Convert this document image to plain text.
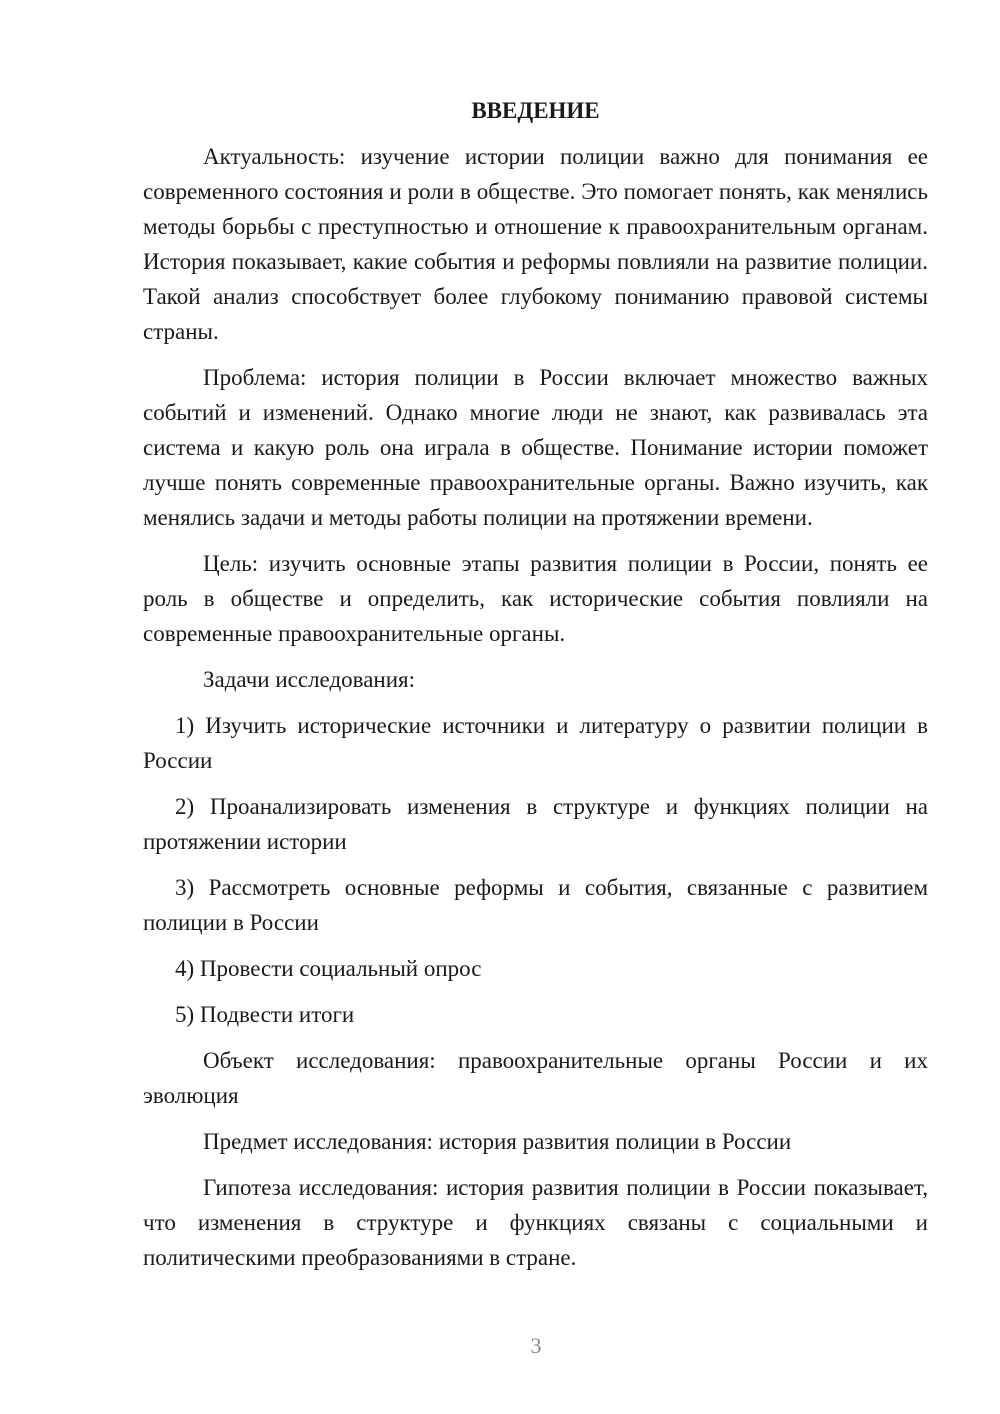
ВВЕДЕНИЕ

Актуальность: изучение истории полиции важно для понимания ее современного состояния и роли в обществе. Это помогает понять, как менялись методы борьбы с преступностью и отношение к правоохранительным органам. История показывает, какие события и реформы повлияли на развитие полиции. Такой анализ способствует более глубокому пониманию правовой системы страны.

Проблема: история полиции в России включает множество важных событий и изменений. Однако многие люди не знают, как развивалась эта система и какую роль она играла в обществе. Понимание истории поможет лучше понять современные правоохранительные органы. Важно изучить, как менялись задачи и методы работы полиции на протяжении времени.

Цель: изучить основные этапы развития полиции в России, понять ее роль в обществе и определить, как исторические события повлияли на современные правоохранительные органы.

Задачи исследования:

1) Изучить исторические источники и литературу о развитии полиции в России

2) Проанализировать изменения в структуре и функциях полиции на протяжении истории

3) Рассмотреть основные реформы и события, связанные с развитием полиции в России

4) Провести социальный опрос

5) Подвести итоги

Объект исследования: правоохранительные органы России и их эволюция

Предмет исследования: история развития полиции в России

Гипотеза исследования: история развития полиции в России показывает, что изменения в структуре и функциях связаны с социальными и политическими преобразованиями в стране.

3
